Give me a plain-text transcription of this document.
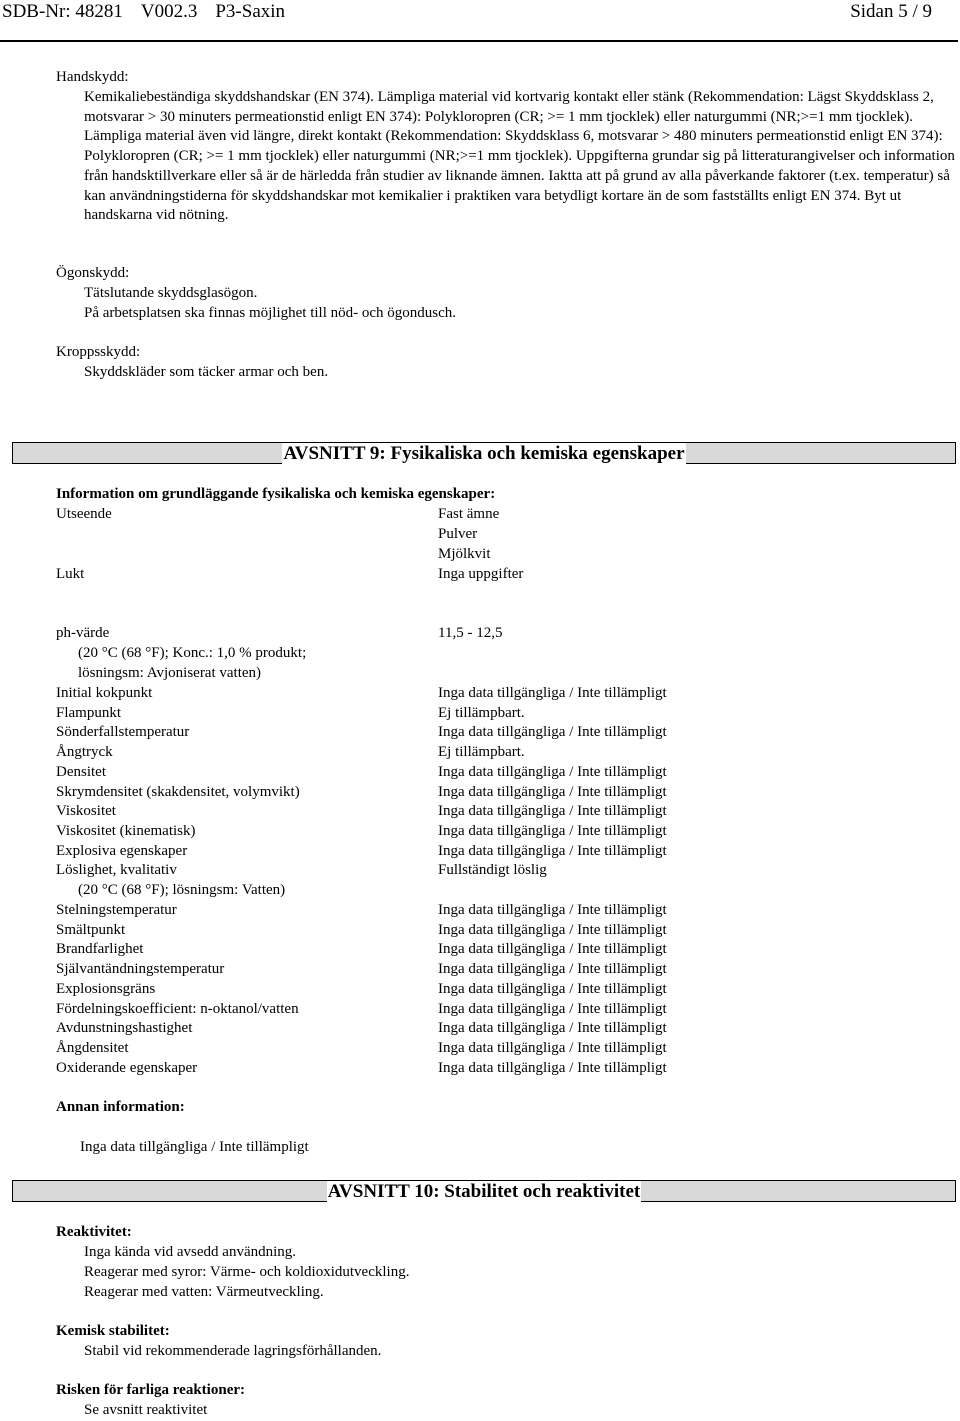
SDB-Nr: 48281 V002.3 P3-Saxin	Sidan 5 / 9
Handskydd:
Kemikaliebeständiga skyddshandskar (EN 374). Lämpliga material vid kortvarig kontakt eller stänk (Rekommendation: Lägst Skyddsklass 2, motsvarar > 30 minuters permeationstid enligt EN 374): Polykloropren (CR; >= 1 mm tjocklek) eller naturgummi (NR;>=1 mm tjocklek). Lämpliga material även vid längre, direkt kontakt (Rekommendation: Skyddsklass 6, motsvarar > 480 minuters permeationstid enligt EN 374): Polykloropren (CR; >= 1 mm tjocklek) eller naturgummi (NR;>=1 mm tjocklek). Uppgifterna grundar sig på litteraturangivelser och information från handsktillverkare eller så är de härledda från studier av liknande ämnen. Iaktta att på grund av alla påverkande faktorer (t.ex. temperatur) så kan användningstiderna för skyddshandskar mot kemikalier i praktiken vara betydligt kortare än de som fastställts enligt EN 374. Byt ut handskarna vid nötning.
Ögonskydd:
Tätslutande skyddsglasögon.
På arbetsplatsen ska finnas möjlighet till nöd- och ögondusch.
Kroppsskydd:
Skyddskläder som täcker armar och ben.
AVSNITT 9: Fysikaliska och kemiska egenskaper
Information om grundläggande fysikaliska och kemiska egenskaper:
Utseende	Fast ämne
Pulver
Mjölkvit
Lukt	Inga uppgifter
ph-värde	11,5 - 12,5
(20 °C (68 °F); Konc.: 1,0 % produkt;
lösningsm: Avjoniserat vatten)
Initial kokpunkt	Inga data tillgängliga / Inte tillämpligt
Flampunkt	Ej tillämpbart.
Sönderfallstemperatur	Inga data tillgängliga / Inte tillämpligt
Ångtryck	Ej tillämpbart.
Densitet	Inga data tillgängliga / Inte tillämpligt
Skrymdensitet (skakdensitet, volymvikt)	Inga data tillgängliga / Inte tillämpligt
Viskositet	Inga data tillgängliga / Inte tillämpligt
Viskositet (kinematisk)	Inga data tillgängliga / Inte tillämpligt
Explosiva egenskaper	Inga data tillgängliga / Inte tillämpligt
Löslighet, kvalitativ	Fullständigt löslig
(20 °C (68 °F); lösningsm: Vatten)
Stelningstemperatur	Inga data tillgängliga / Inte tillämpligt
Smältpunkt	Inga data tillgängliga / Inte tillämpligt
Brandfarlighet	Inga data tillgängliga / Inte tillämpligt
Självantändningstemperatur	Inga data tillgängliga / Inte tillämpligt
Explosionsgräns	Inga data tillgängliga / Inte tillämpligt
Fördelningskoefficient: n-oktanol/vatten	Inga data tillgängliga / Inte tillämpligt
Avdunstningshastighet	Inga data tillgängliga / Inte tillämpligt
Ångdensitet	Inga data tillgängliga / Inte tillämpligt
Oxiderande egenskaper	Inga data tillgängliga / Inte tillämpligt
Annan information:
Inga data tillgängliga / Inte tillämpligt
AVSNITT 10: Stabilitet och reaktivitet
Reaktivitet:
Inga kända vid avsedd användning.
Reagerar med syror: Värme- och koldioxidutveckling.
Reagerar med vatten: Värmeutveckling.
Kemisk stabilitet:
Stabil vid rekommenderade lagringsförhållanden.
Risken för farliga reaktioner:
Se avsnitt reaktivitet
